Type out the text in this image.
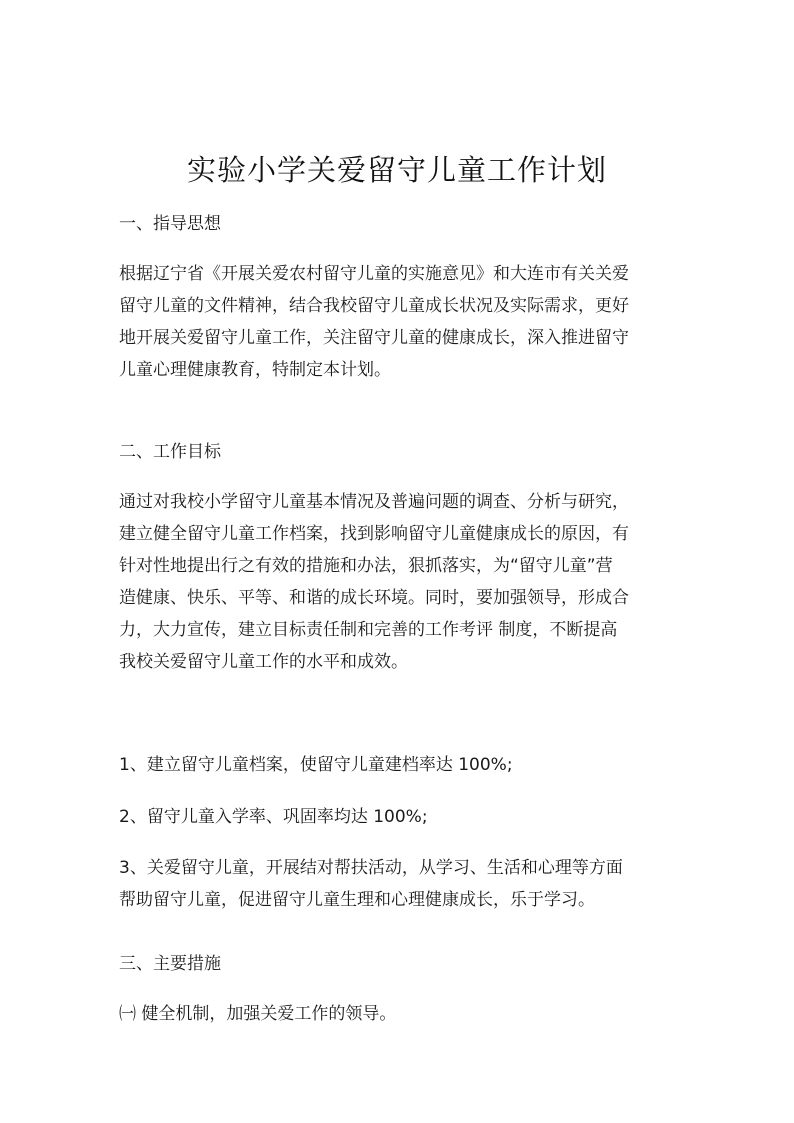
实验小学关爱留守儿童工作计划
一、指导思想
根据辽宁省《开展关爱农村留守儿童的实施意见》和大连市有关关爱
留守儿童的文件精神，结合我校留守儿童成长状况及实际需求，更好
地开展关爱留守儿童工作，关注留守儿童的健康成长，深入推进留守
儿童心理健康教育，特制定本计划。
二、工作目标
通过对我校小学留守儿童基本情况及普遍问题的调查、分析与研究，
建立健全留守儿童工作档案，找到影响留守儿童健康成长的原因，有
针对性地提出行之有效的措施和办法，狠抓落实，为“留守儿童”营
造健康、快乐、平等、和谐的成长环境。同时，要加强领导，形成合
力，大力宣传，建立目标责任制和完善的工作考评 制度，不断提高
我校关爱留守儿童工作的水平和成效。
1、建立留守儿童档案，使留守儿童建档率达 100%;
2、留守儿童入学率、巩固率均达 100%;
3、关爱留守儿童，开展结对帮扶活动，从学习、生活和心理等方面
帮助留守儿童，促进留守儿童生理和心理健康成长，乐于学习。
三、主要措施
㈠ 健全机制，加强关爱工作的领导。
